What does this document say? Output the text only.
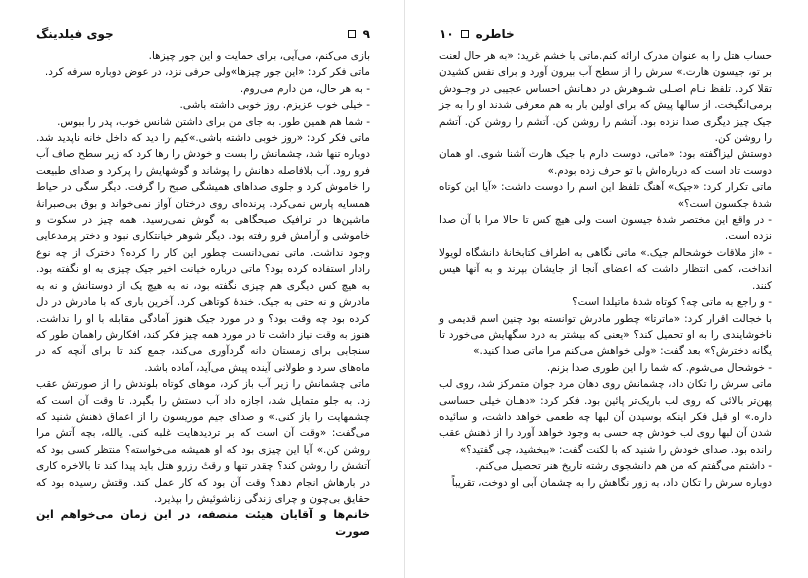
جوی فیلدینگ	۹

بازی می‌کنم، می‌آیی، برای حمایت و این جور چیزها.

ماتی فکر کرد: «این جور چیزها»ولی حرفی نزد، در عوض دوباره سرفه کرد.

- به هر حال، من دارم می‌روم.

- خیلی خوب عزیزم. روز خوبی داشته باشی.

- شما هم همین طور. به جای من برای داشتن شانس خوب، پدر را ببوس.

ماتی فکر کرد: «روز خوبی داشته باشی.»کیم را دید که داخل خانه ناپدید شد. دوباره تنها شد، چشمانش را بست و خودش را رها کرد که زیر سطح صاف آب فرو رود. آب بلافاصله دهانش را پوشاند و گوشهایش را پرکرد و صدای طبیعت را خاموش کرد و جلوی صداهای همیشگی صبح را گرفت. دیگر سگی در حیاط همسایه پارس نمی‌کرد. پرنده‌ای روی درختان آواز نمی‌خواند و بوق بی‌صبرانهٔ ماشین‌ها در ترافیک صبحگاهی به گوش نمی‌رسید. همه چیز در سکوت و خاموشی و آرامش فرو رفته بود. دیگر شوهر خیانتکاری نبود و دختر پرمدعایی وجود نداشت. ماتی نمی‌دانست چطور این کار را کرده؟ دخترک از چه نوع رادار استفاده کرده بود؟ ماتی درباره خیانت اخیر جیک چیزی به او نگفته بود. به هیچ کس دیگری هم چیزی نگفته بود، نه به هیچ یک از دوستانش و نه به مادرش و نه حتی به جیک. خنده‌ٔ کوتاهی کرد. آخرین باری که با مادرش در دل کرده بود چه وقت بود؟ و در مورد جیک هنوز آمادگی مقابله با او را نداشت. هنوز به وقت نیاز داشت تا در مورد همه چیز فکر کند، افکارش راهمان طور که سنجابی برای زمستان دانه گردآوری می‌کند، جمع کند تا برای آنچه که در ماه‌های سرد و طولانی آینده پیش می‌آید، آماده باشد.

ماتی چشمانش را زیر آب باز کرد، موهای کوتاه بلوندش را از صورتش عقب زد. به جلو متمایل شد، اجازه داد آب دستش را بگیرد. تا وقت آن است که چشمهایت را باز کنی.» و صدای جیم موریسون را از اعماق ذهنش شنید که می‌گفت: «وقت آن است که بر تردیدهایت غلبه کنی. یالله، بچه آتش مرا روشن کن.» آیا این چیزی بود که او همیشه می‌خواسته؟ منتظر کسی بود که آتشش را روشن کند؟ چقدر تنها و رقتٔ رزرو هتل باید پیدا کند تا بالاخره کاری در بارهاش انجام دهد؟ وقت آن بود که کار عمل کند. وقتش رسیده بود که حقایق بی‌چون و چرای زندگی زناشوئیش را بپذیرد.

خانم‌ها و آقایان هیئت منصفه، در این زمان می‌خواهم این صورت

۱۰ خاطره

حساب هتل را به عنوان مدرک ارائه کنم.ماتی با خشم غرید: «به هر حال لعنت بر تو، جیسون هارت.» سرش را از سطح آب بیرون آورد و برای نفس کشیدن تقلا کرد. تلفظ نـام اصـلی شـوهرش در دهـانش احساس عجیبی در وجـودش برمی‌انگیخت. از سالها پیش که برای اولین بار به هم معرفی شدند او را به جز جیک چیز دیگری صدا نزده بود. آتشم را روشن کن. آتشم را روشن کن. آتشم را روشن کن.

دوستش لیزاگفته بود: «ماتی، دوست دارم با جیک هارت آشنا شوی. او همان دوست تاد است که درباره‌اش با تو حرف زده بودم.»

ماتی تکرار کرد: «جیک» آهنگ تلفظ این اسم را دوست داشت: «آیا این کوتاه شدهٔ جکسون است؟»

- در واقع این مختصر شدهٔ جیسون است ولی هیچ کس تا حالا مرا با آن صدا نزده است.

- «از ملاقات خوشحالم جیک.» ماتی نگاهی به اطراف کتابخانهٔ دانشگاه لویولا انداخت، کمی انتظار داشت که اعضای آنجا از جایشان بپرند و به آنها هیس کنند.

- و راجع به ماتی چه؟ کوتاه شدهٔ ماتیلدا است؟

با خجالت اقرار کرد: «ماترتا» چطور مادرش توانسته بود چنین اسم قدیمی و ناخوشایندی را به او تحمیل کند؟ «یعنی که بیشتر به درد سگهایش می‌خورد تا یگانه دخترش؟» بعد گفت: «ولی خواهش می‌کنم مرا ماتی صدا کنید.»

- خوشحال می‌شوم. که شما را این طوری صدا بزنم.

ماتی سرش را تکان داد، چشمانش روی دهان مرد جوان متمرکز شد، روی لب پهن‌تر بالائی که روی لب باریک‌تر پائین بود. فکر کرد: «دهـان خیلی حساسی داره.» او قبل فکر اینکه بوسیدن آن لبها چه طعمی خواهد داشت، و سائیده شدن آن لبها روی لب خودش چه حسی به وجود خواهد آورد را از ذهنش عقب رانده بود. صدای خودش را شنید که با لکنت گفت: «ببخشید، چی گفتید؟»

- داشتم می‌گفتم که من هم دانشجوی رشته تاریخ هنر تحصیل می‌کنم.

دوباره سرش را تکان داد، به زور نگاهش را به چشمان آبی او دوخت، تقریباً
